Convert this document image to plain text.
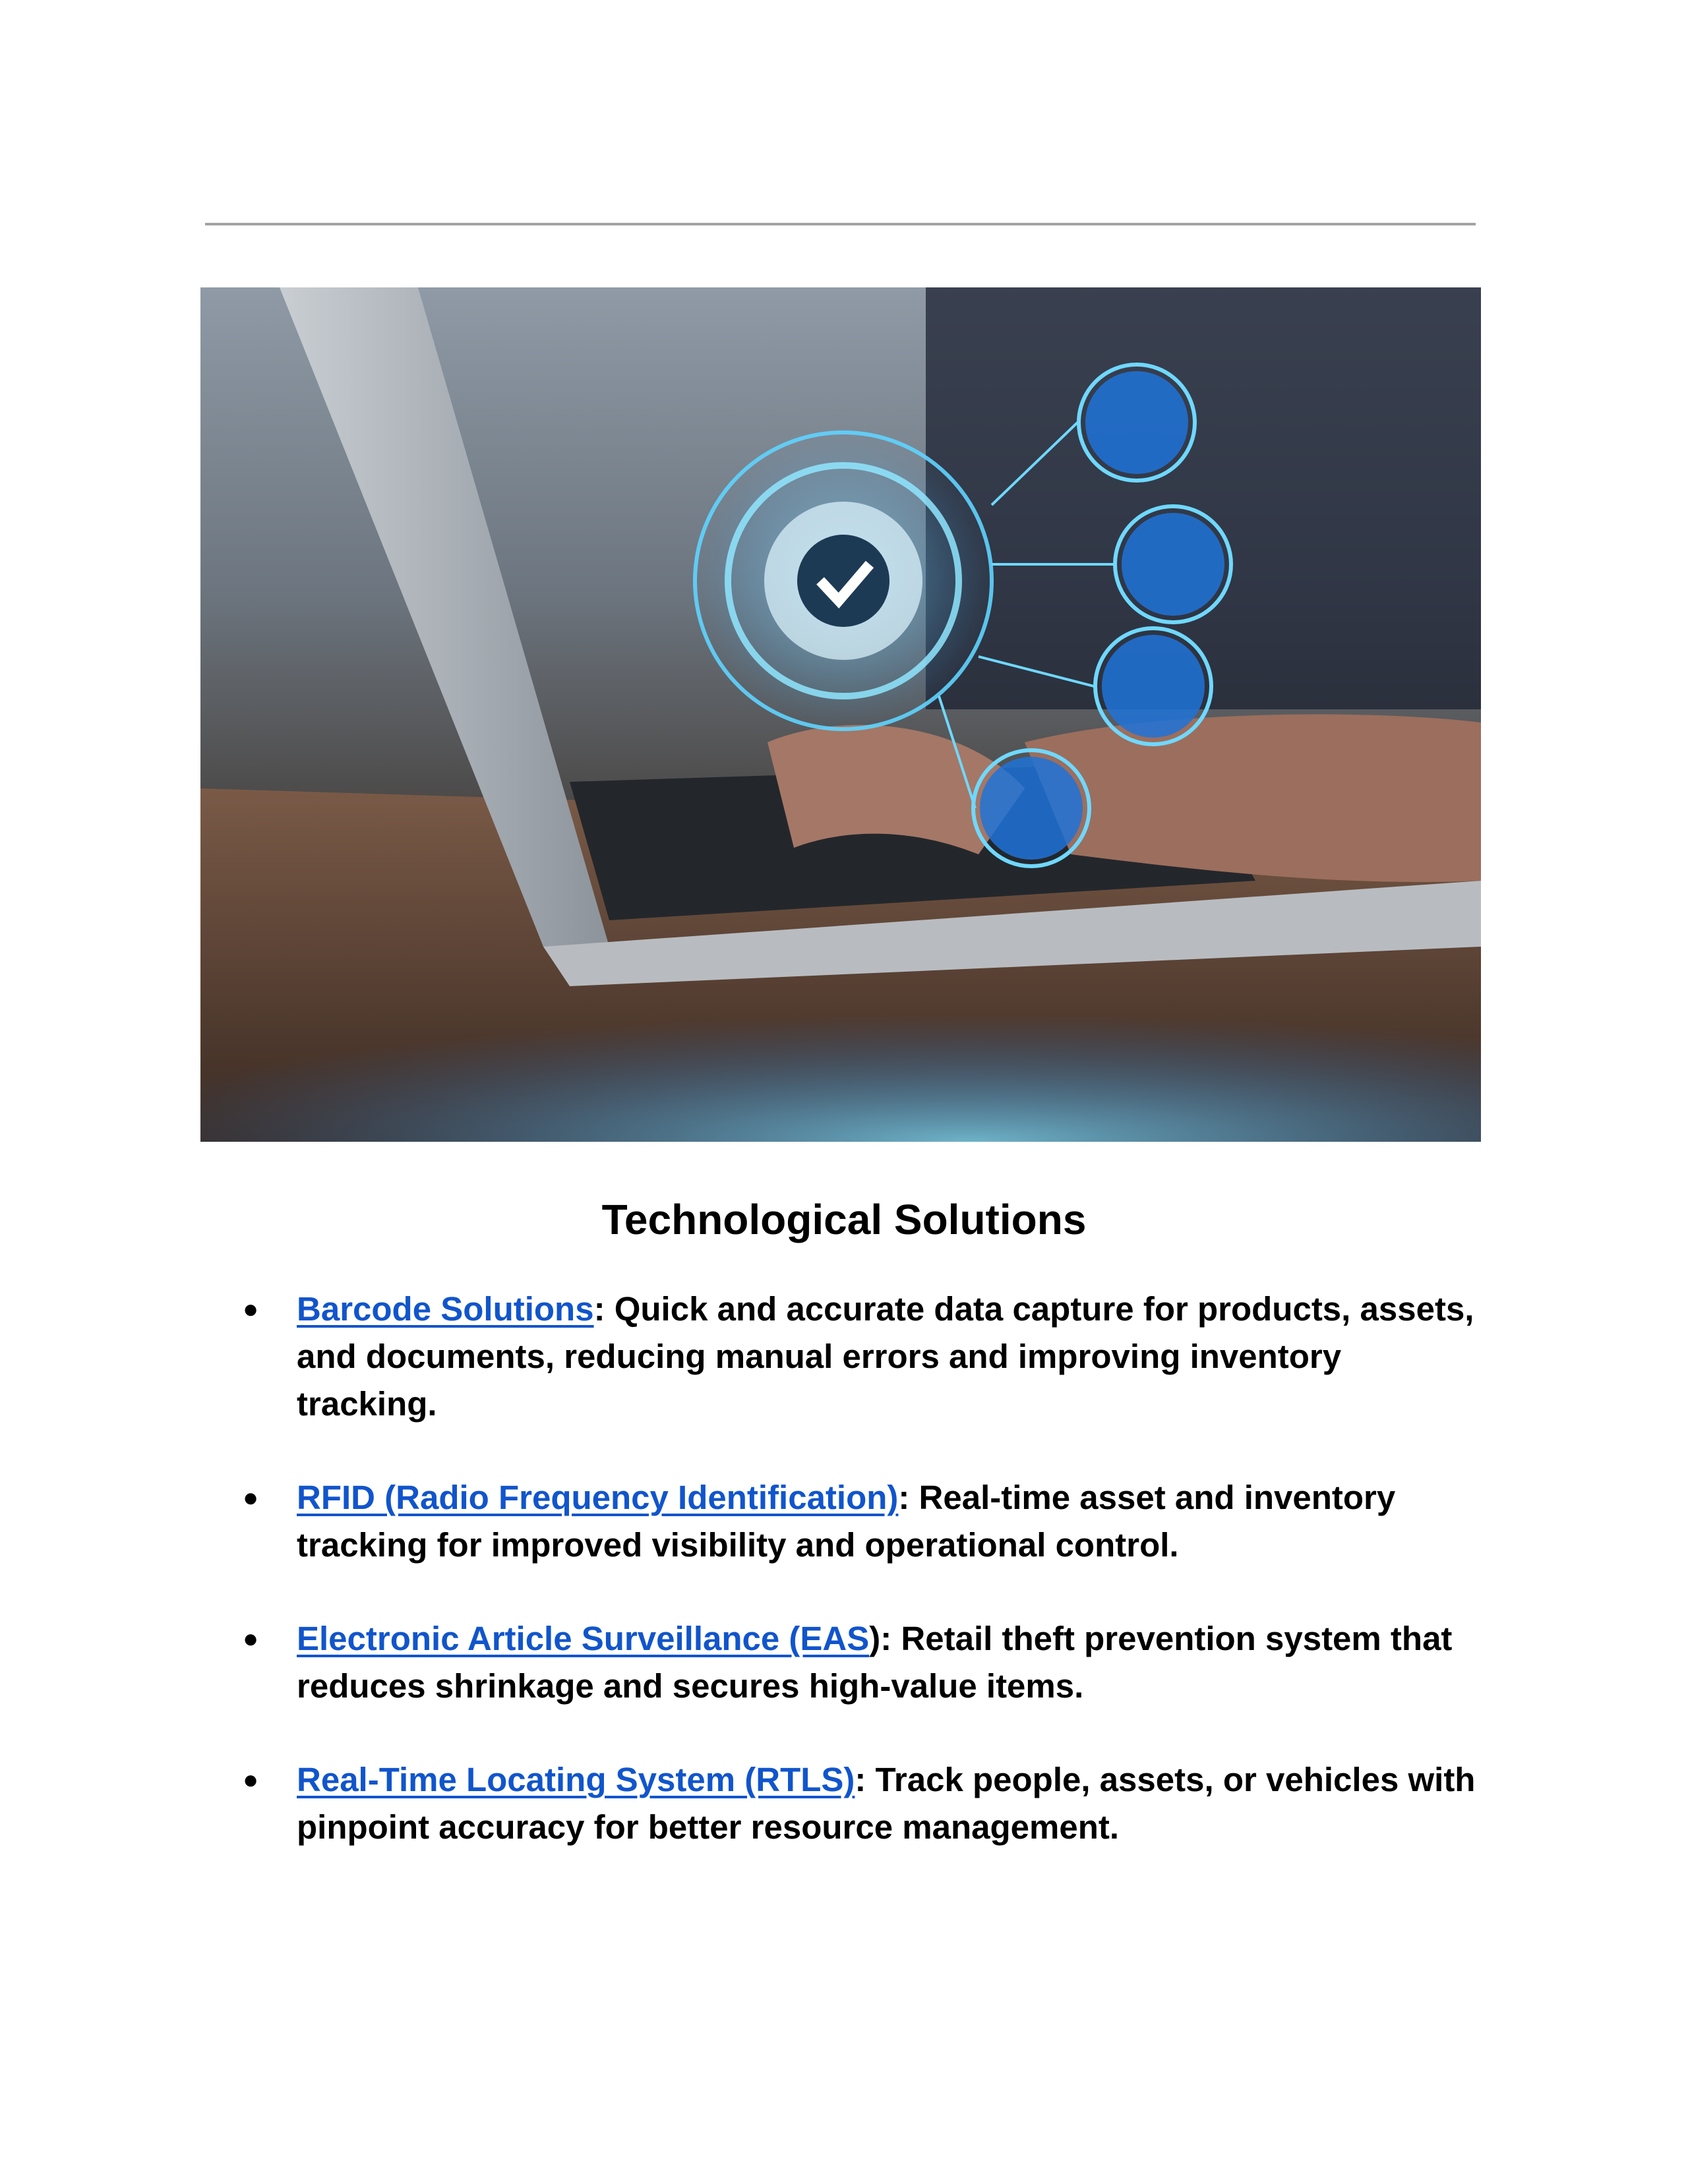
Technological Solutions
● Barcode Solutions: Quick and accurate data capture for products, assets, and documents, reducing manual errors and improving inventory tracking.
● RFID (Radio Frequency Identification): Real-time asset and inventory tracking for improved visibility and operational control.
● Electronic Article Surveillance (EAS): Retail theft prevention system that reduces shrinkage and secures high-value items.
● Real-Time Locating System (RTLS): Track people, assets, or vehicles with pinpoint accuracy for better resource management.
